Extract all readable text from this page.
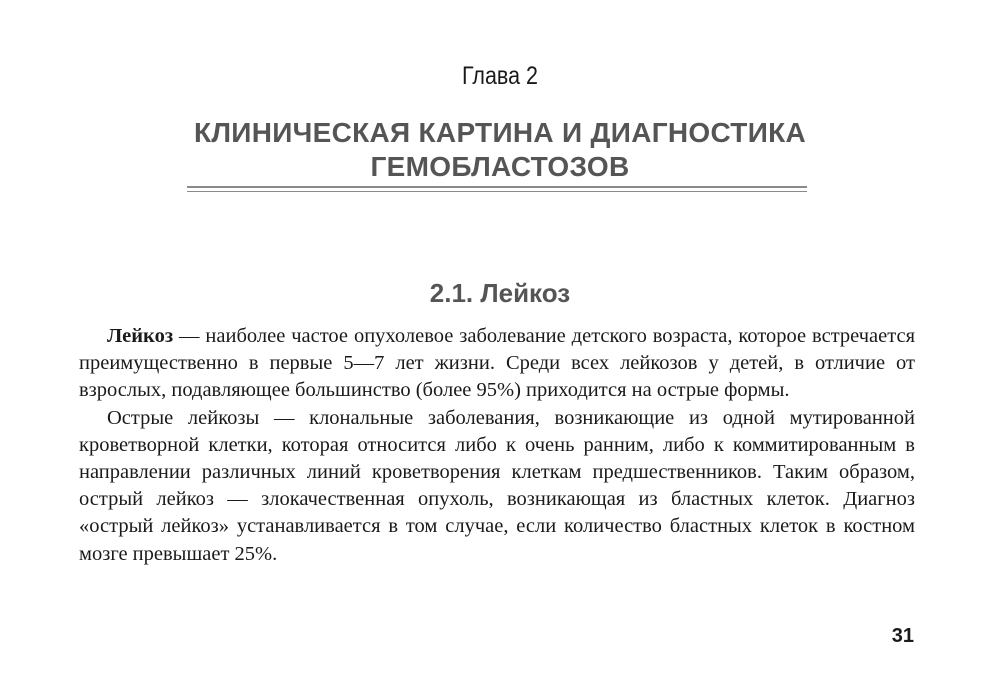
Глава 2
КЛИНИЧЕСКАЯ КАРТИНА И ДИАГНОСТИКА
ГЕМОБЛАСТОЗОВ
2.1. Лейкоз

Лейкоз — наиболее частое опухолевое заболевание детского возраста, которое встречается преимущественно в первые 5—7 лет жизни. Среди всех лейкозов у детей, в отличие от взрослых, подавляющее большинство (более 95%) приходится на острые формы.

Острые лейкозы — клональные заболевания, возникающие из одной мутированной кроветворной клетки, которая относится либо к очень ранним, либо к коммитированным в направлении различных линий кроветворения клеткам предшественников. Таким образом, острый лейкоз — злокачественная опухоль, возникающая из бластных клеток. Диагноз «острый лейкоз» устанавливается в том случае, если количество бластных клеток в костном мозге превышает 25%.

31
